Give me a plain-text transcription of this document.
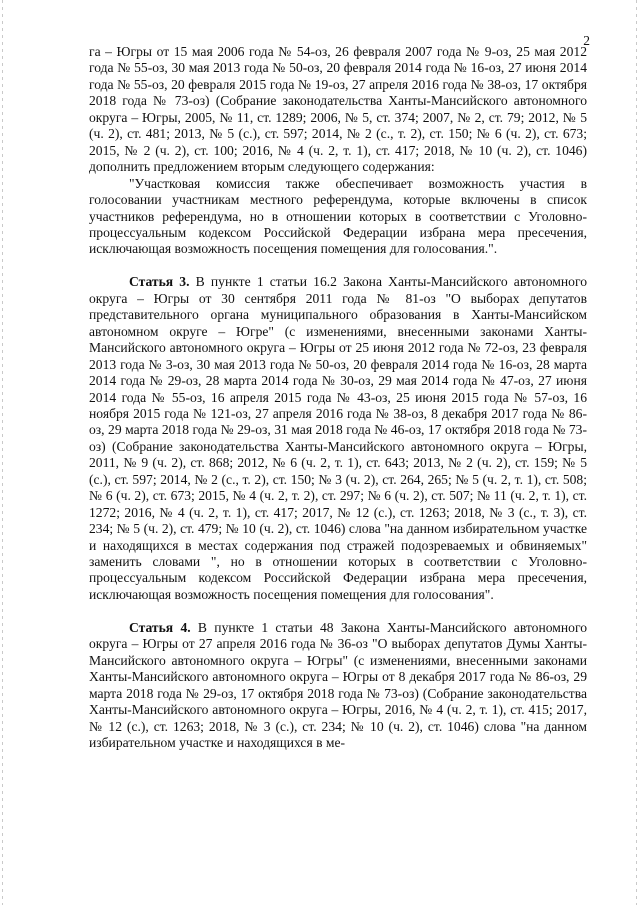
2

га – Югры от 15 мая 2006 года № 54-оз, 26 февраля 2007 года № 9-оз, 25 мая 2012 года № 55-оз, 30 мая 2013 года № 50-оз, 20 февраля 2014 года № 16-оз, 27 июня 2014 года № 55-оз, 20 февраля 2015 года № 19-оз, 27 апреля 2016 года № 38-оз, 17 октября 2018 года № 73-оз) (Собрание законодательства Ханты-Мансийского автономного округа – Югры, 2005, № 11, ст. 1289; 2006, № 5, ст. 374; 2007, № 2, ст. 79; 2012, № 5 (ч. 2), ст. 481; 2013, № 5 (с.), ст. 597; 2014, № 2 (с., т. 2), ст. 150; № 6 (ч. 2), ст. 673; 2015, № 2 (ч. 2), ст. 100; 2016, № 4 (ч. 2, т. 1), ст. 417; 2018, № 10 (ч. 2), ст. 1046) дополнить предложением вторым следующего содержания:

"Участковая комиссия также обеспечивает возможность участия в голосовании участникам местного референдума, которые включены в список участников референдума, но в отношении которых в соответствии с Уголовно-процессуальным кодексом Российской Федерации избрана мера пресечения, исключающая возможность посещения помещения для голосования.".

Статья 3. В пункте 1 статьи 16.2 Закона Ханты-Мансийского автономного округа – Югры от 30 сентября 2011 года № 81-оз "О выборах депутатов представительного органа муниципального образования в Ханты-Мансийском автономном округе – Югре" (с изменениями, внесенными законами Ханты-Мансийского автономного округа – Югры от 25 июня 2012 года № 72-оз, 23 февраля 2013 года № 3-оз, 30 мая 2013 года № 50-оз, 20 февраля 2014 года № 16-оз, 28 марта 2014 года № 29-оз, 28 марта 2014 года № 30-оз, 29 мая 2014 года № 47-оз, 27 июня 2014 года № 55-оз, 16 апреля 2015 года № 43-оз, 25 июня 2015 года № 57-оз, 16 ноября 2015 года № 121-оз, 27 апреля 2016 года № 38-оз, 8 декабря 2017 года № 86-оз, 29 марта 2018 года № 29-оз, 31 мая 2018 года № 46-оз, 17 октября 2018 года № 73-оз) (Собрание законодательства Ханты-Мансийского автономного округа – Югры, 2011, № 9 (ч. 2), ст. 868; 2012, № 6 (ч. 2, т. 1), ст. 643; 2013, № 2 (ч. 2), ст. 159; № 5 (с.), ст. 597; 2014, № 2 (с., т. 2), ст. 150; № 3 (ч. 2), ст. 264, 265; № 5 (ч. 2, т. 1), ст. 508; № 6 (ч. 2), ст. 673; 2015, № 4 (ч. 2, т. 2), ст. 297; № 6 (ч. 2), ст. 507; № 11 (ч. 2, т. 1), ст. 1272; 2016, № 4 (ч. 2, т. 1), ст. 417; 2017, № 12 (с.), ст. 1263; 2018, № 3 (с., т. 3), ст. 234; № 5 (ч. 2), ст. 479; № 10 (ч. 2), ст. 1046) слова "на данном избирательном участке и находящихся в местах содержания под стражей подозреваемых и обвиняемых" заменить словами ", но в отношении которых в соответствии с Уголовно-процессуальным кодексом Российской Федерации избрана мера пресечения, исключающая возможность посещения помещения для голосования".

Статья 4. В пункте 1 статьи 48 Закона Ханты-Мансийского автономного округа – Югры от 27 апреля 2016 года № 36-оз "О выборах депутатов Думы Ханты-Мансийского автономного округа – Югры" (с изменениями, внесенными законами Ханты-Мансийского автономного округа – Югры от 8 декабря 2017 года № 86-оз, 29 марта 2018 года № 29-оз, 17 октября 2018 года № 73-оз) (Собрание законодательства Ханты-Мансийского автономного округа – Югры, 2016, № 4 (ч. 2, т. 1), ст. 415; 2017, № 12 (с.), ст. 1263; 2018, № 3 (с.), ст. 234; № 10 (ч. 2), ст. 1046) слова "на данном избирательном участке и находящихся в ме-
